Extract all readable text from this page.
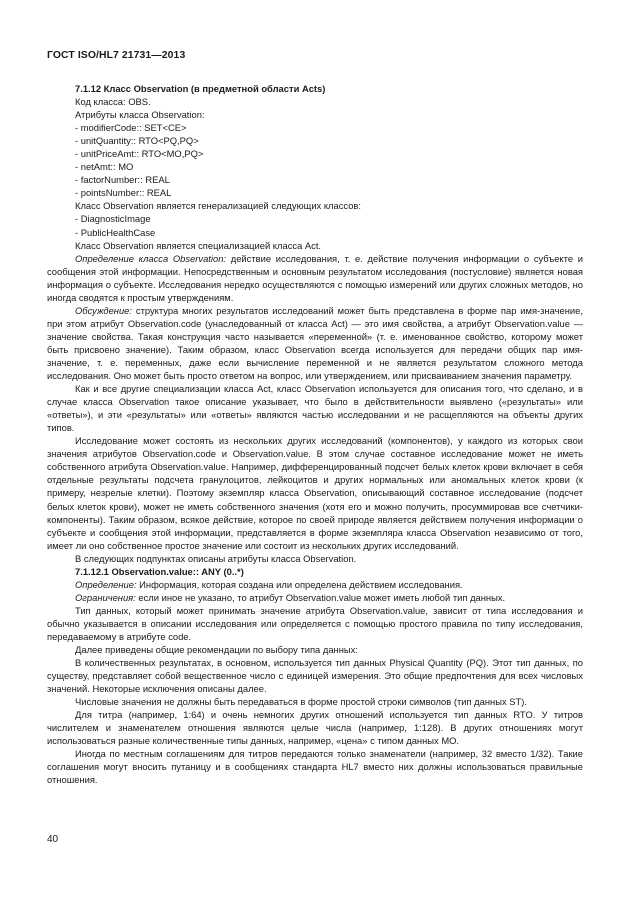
ГОСТ ISO/HL7 21731—2013

7.1.12 Класс Observation (в предметной области Acts)

Код класса: OBS.

Атрибуты класса Observation:

- modifierCode:: SET<CE>

- unitQuantity:: RTO<PQ,PQ>

- unitPriceAmt:: RTO<MO,PQ>

- netAmt:: MO

- factorNumber:: REAL

- pointsNumber:: REAL

Класс Observation является генерализацией следующих классов:

- DiagnosticImage

- PublicHealthCase

Класс Observation является специализацией класса Act.

Определение класса Observation: действие исследования, т. е. действие получения информации о субъекте и сообщения этой информации. Непосредственным и основным результатом исследования (постусловие) является новая информация о субъекте. Исследования нередко осуществляются с помощью измерений или других сложных методов, но иногда сводятся к простым утверждениям.

Обсуждение: структура многих результатов исследований может быть представлена в форме пар имя-значение, при этом атрибут Observation.code (унаследованный от класса Act) — это имя свойства, а атрибут Observation.value — значение свойства. Такая конструкция часто называется «переменной» (т. е. именованное свойство, которому может быть присвоено значение). Таким образом, класс Observation всегда используется для передачи общих пар имя-значение, т. е. переменных, даже если вычисление переменной и не является результатом сложного метода исследования. Оно может быть просто ответом на вопрос, или утверждением, или присваиванием значения параметру.

Как и все другие специализации класса Act, класс Observation используется для описания того, что сделано, и в случае класса Observation такое описание указывает, что было в действительности выявлено («результаты» или «ответы»), и эти «результаты» или «ответы» являются частью исследовании и не расщепляются на объекты других типов.

Исследование может состоять из нескольких других исследований (компонентов), у каждого из которых свои значения атрибутов Observation.code и Observation.value. В этом случае составное исследование может не иметь собственного атрибута Observation.value. Например, дифференцированный подсчет белых клеток крови включает в себя отдельные результаты подсчета гранулоцитов, лейкоцитов и других нормальных или аномальных клеток крови (к примеру, незрелые клетки). Поэтому экземпляр класса Observation, описывающий составное исследование (подсчет белых клеток крови), может не иметь собственного значения (хотя его и можно получить, просуммировав все счетчики-компоненты). Таким образом, всякое действие, которое по своей природе является действием получения информации о субъекте и сообщения этой информации, представляется в форме экземпляра класса Observation независимо от того, имеет ли оно собственное простое значение или состоит из нескольких других исследований.

В следующих подпунктах описаны атрибуты класса Observation.

7.1.12.1 Observation.value:: ANY (0..*)

Определение: Информация, которая создана или определена действием исследования.

Ограничения: если иное не указано, то атрибут Observation.value может иметь любой тип данных.

Тип данных, который может принимать значение атрибута Observation.value, зависит от типа исследования и обычно указывается в описании исследования или определяется с помощью простого правила по типу исследования, передаваемому в атрибуте code.

Далее приведены общие рекомендации по выбору типа данных:

В количественных результатах, в основном, используется тип данных Physical Quantity (PQ). Этот тип данных, по существу, представляет собой вещественное число с единицей измерения. Это общие предпочтения для всех числовых значений. Некоторые исключения описаны далее.

Числовые значения не должны быть передаваться в форме простой строки символов (тип данных ST).

Для титра (например, 1:64) и очень немногих других отношений используется тип данных RTO. У титров числителем и знаменателем отношения являются целые числа (например, 1:128). В других отношениях могут использоваться разные количественные типы данных, например, «цена» с типом данных MO.

Иногда по местным соглашениям для титров передаются только знаменатели (например, 32 вместо 1/32). Такие соглашения могут вносить путаницу и в сообщениях стандарта HL7 вместо них должны использоваться правильные отношения.

40
